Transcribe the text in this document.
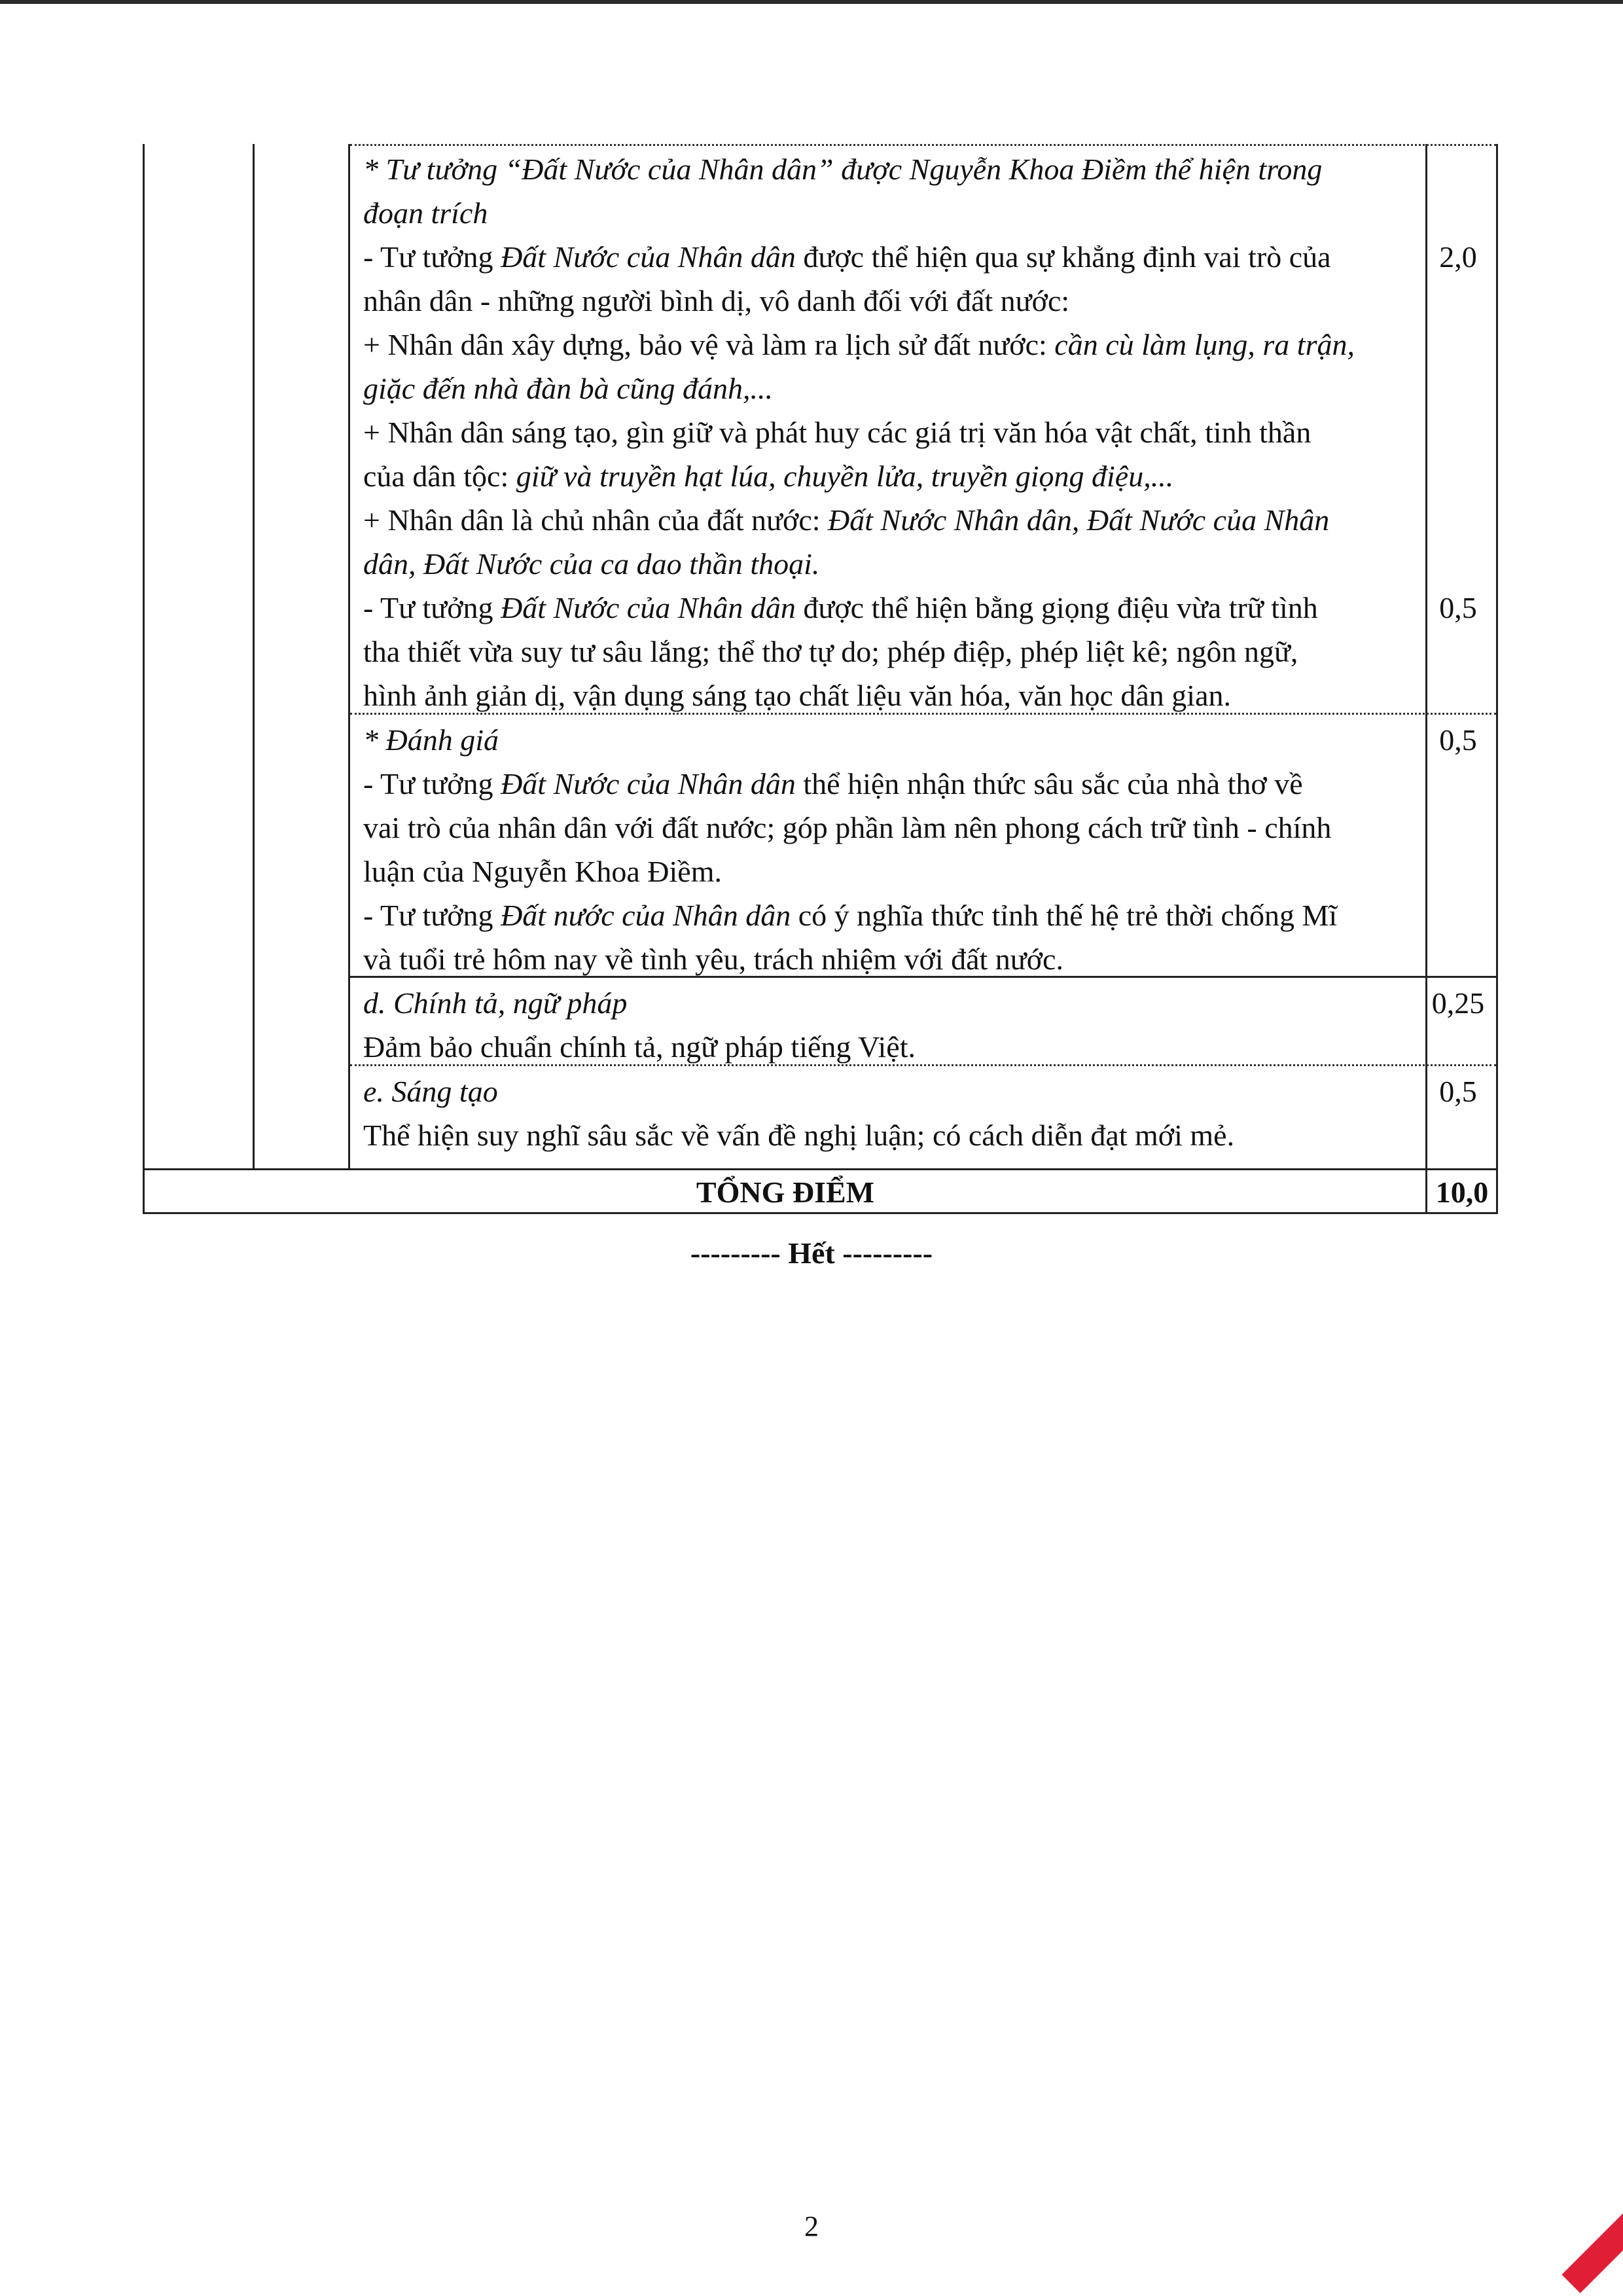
* Tư tưởng “Đất Nước của Nhân dân” được Nguyễn Khoa Điềm thể hiện trong

đoạn trích

- Tư tưởng Đất Nước của Nhân dân được thể hiện qua sự khẳng định vai trò của

nhân dân - những người bình dị, vô danh đối với đất nước:

+ Nhân dân xây dựng, bảo vệ và làm ra lịch sử đất nước: cần cù làm lụng, ra trận,

giặc đến nhà đàn bà cũng đánh,...

+ Nhân dân sáng tạo, gìn giữ và phát huy các giá trị văn hóa vật chất, tinh thần

của dân tộc: giữ và truyền hạt lúa, chuyền lửa, truyền giọng điệu,...

+ Nhân dân là chủ nhân của đất nước: Đất Nước Nhân dân, Đất Nước của Nhân

dân, Đất Nước của ca dao thần thoại.

- Tư tưởng Đất Nước của Nhân dân được thể hiện bằng giọng điệu vừa trữ tình

tha thiết vừa suy tư sâu lắng; thể thơ tự do; phép điệp, phép liệt kê; ngôn ngữ,

hình ảnh giản dị, vận dụng sáng tạo chất liệu văn hóa, văn học dân gian.

2,0
0,5

* Đánh giá

- Tư tưởng Đất Nước của Nhân dân thể hiện nhận thức sâu sắc của nhà thơ về

vai trò của nhân dân với đất nước; góp phần làm nên phong cách trữ tình - chính

luận của Nguyễn Khoa Điềm.

- Tư tưởng Đất nước của Nhân dân có ý nghĩa thức tỉnh thế hệ trẻ thời chống Mĩ

và tuổi trẻ hôm nay về tình yêu, trách nhiệm với đất nước.

0,5

d. Chính tả, ngữ pháp

Đảm bảo chuẩn chính tả, ngữ pháp tiếng Việt.

0,25

e. Sáng tạo

Thể hiện suy nghĩ sâu sắc về vấn đề nghị luận; có cách diễn đạt mới mẻ.

0,5
TỔNG ĐIỂM	10,0
--------- Hết ---------
2
